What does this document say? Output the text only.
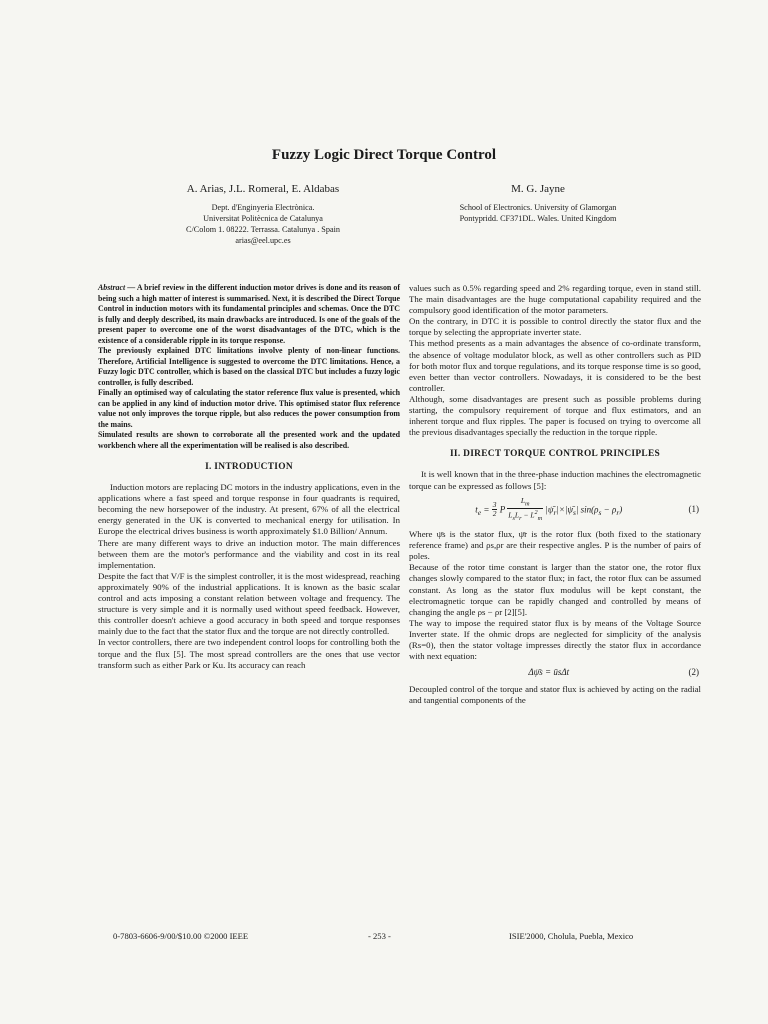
Fuzzy Logic Direct Torque Control
A. Arias, J.L. Romeral, E. Aldabas
Dept. d'Enginyeria Electrònica.
Universitat Politècnica de Catalunya
C/Colom 1. 08222. Terrassa. Catalunya . Spain
arias@eel.upc.es
M. G. Jayne
School of Electronics. University of Glamorgan
Pontypridd. CF371DL. Wales. United Kingdom

Abstract — A brief review in the different induction motor drives is done and its reason of being such a high matter of interest is summarised. Next, it is described the Direct Torque Control in induction motors with its fundamental principles and schemas. Once the DTC is fully and deeply described, its main drawbacks are introduced. Is one of the goals of the present paper to overcome one of the worst disadvantages of the DTC, which is the existence of a considerable ripple in its torque response.

The previously explained DTC limitations involve plenty of non-linear functions. Therefore, Artificial Intelligence is suggested to overcome the DTC limitations. Hence, a Fuzzy logic DTC controller, which is based on the classical DTC but includes a fuzzy logic controller, is fully described.

Finally an optimised way of calculating the stator reference flux value is presented, which can be applied in any kind of induction motor drive. This optimised stator flux reference value not only improves the torque ripple, but also reduces the power consumption from the mains.

Simulated results are shown to corroborate all the presented work and the updated workbench where all the experimentation will be realised is also described.

I. INTRODUCTION

Induction motors are replacing DC motors in the industry applications, even in the applications where a fast speed and torque response in four quadrants is required, becoming the new horsepower of the industry. At present, 67% of all the electrical energy generated in the UK is converted to mechanical energy for utilisation. In Europe the electrical drives business is worth approximately $1.0 Billion/ Annum.

There are many different ways to drive an induction motor. The main differences between them are the motor's performance and the viability and cost in its real implementation.

Despite the fact that V/F is the simplest controller, it is the most widespread, reaching approximately 90% of the industrial applications. It is known as the basic scalar control and acts imposing a constant relation between voltage and frequency. The structure is very simple and it is normally used without speed feedback. However, this controller doesn't achieve a good accuracy in both speed and torque responses mainly due to the fact that the stator flux and the torque are not directly controlled.

In vector controllers, there are two independent control loops for controlling both the torque and the flux [5]. The most spread controllers are the ones that use vector transform such as either Park or Ku. Its accuracy can reach

values such as 0.5% regarding speed and 2% regarding torque, even in stand still. The main disadvantages are the huge computational capability required and the compulsory good identification of the motor parameters.

On the contrary, in DTC it is possible to control directly the stator flux and the torque by selecting the appropriate inverter state.

This method presents as a main advantages the absence of co-ordinate transform, the absence of voltage modulator block, as well as other controllers such as PID for both motor flux and torque regulations, and its torque response time is so good, even better than vector controllers. Nowadays, it is considered to be the best controller.

Although, some disadvantages are present such as possible problems during starting, the compulsory requirement of torque and flux estimators, and an inherent torque and flux ripples. The paper is focused on trying to overcome all the previous disadvantages specially the reduction in the torque ripple.

II. DIRECT TORQUE CONTROL PRINCIPLES

It is well known that in the three-phase induction machines the electromagnetic torque can be expressed as follows [5]:

$t_e = \frac{3}{2}$ P $\frac{L_m}{L_sL_r - L^2_m}$ $|\psī_r|\times|\psī_s|$ $\sin(\rho_s - \rho_r)$	(1)

Where ψ̄s is the stator flux, ψ̄r is the rotor flux (both fixed to the stationary reference frame) and ρs,ρr are their respective angles. P is the number of pairs of poles.

Because of the rotor time constant is larger than the stator one, the rotor flux changes slowly compared to the stator flux; in fact, the rotor flux can be assumed constant. As long as the stator flux modulus will be kept constant, the electromagnetic torque can be rapidly changed and controlled by means of changing the angle ρs − ρr [2][5].

The way to impose the required stator flux is by means of the Voltage Source Inverter state. If the ohmic drops are neglected for simplicity of the analysis (Rs=0), then the stator voltage impresses directly the stator flux in accordance with next equation:

Δψ̄s = ūsΔt	(2)

Decoupled control of the torque and stator flux is achieved by acting on the radial and tangential components of the

0-7803-6606-9/00/$10.00 ©2000 IEEE	- 253 -	ISIE'2000, Cholula, Puebla, Mexico
